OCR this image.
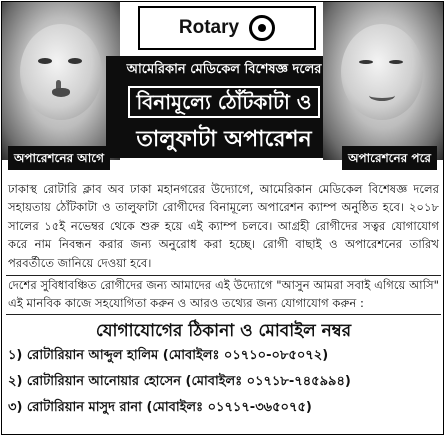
Rotary
আমেরিকান মেডিকেল বিশেষজ্ঞ দলের
বিনামূল্যে ঠোঁটকাটা ও
তালুফাটা অপারেশন
অপারেশনের আগে	অপারেশনের পরে
ঢাকাস্থ রোটারি ক্লাব অব ঢাকা মহানগরের উদ্যোগে, আমেরিকান মেডিকেল বিশেষজ্ঞ দলের সহায়তায় ঠোঁটকাটা ও তালুফাটা রোগীদের বিনামূল্যে অপারেশন ক্যাম্প অনুষ্ঠিত হবে। ২০১৮ সালের ১৫ই নভেম্বর থেকে শুরু হয়ে এই ক্যাম্প চলবে। আগ্রহী রোগীদের সত্বর যোগাযোগ করে নাম নিবন্ধন করার জন্য অনুরোধ করা হচ্ছে। রোগী বাছাই ও অপারেশনের তারিখ পরবর্তীতে জানিয়ে দেওয়া হবে।
দেশের সুবিধাবঞ্চিত রোগীদের জন্য আমাদের এই উদ্যোগে "আসুন আমরা সবাই এগিয়ে আসি" এই মানবিক কাজে সহযোগিতা করুন ও আরও তথ্যের জন্য যোগাযোগ করুন :
যোগাযোগের ঠিকানা ও মোবাইল নম্বর
১) রোটারিয়ান আব্দুল হালিম (মোবাইলঃ ০১৭১০-০৮৫০৭২)
২) রোটারিয়ান আনোয়ার হোসেন (মোবাইলঃ ০১৭১৮-৭৪৫৯৯৪)
৩) রোটারিয়ান মাসুদ রানা (মোবাইলঃ ০১৭১৭-৩৬৫০৭৫)
